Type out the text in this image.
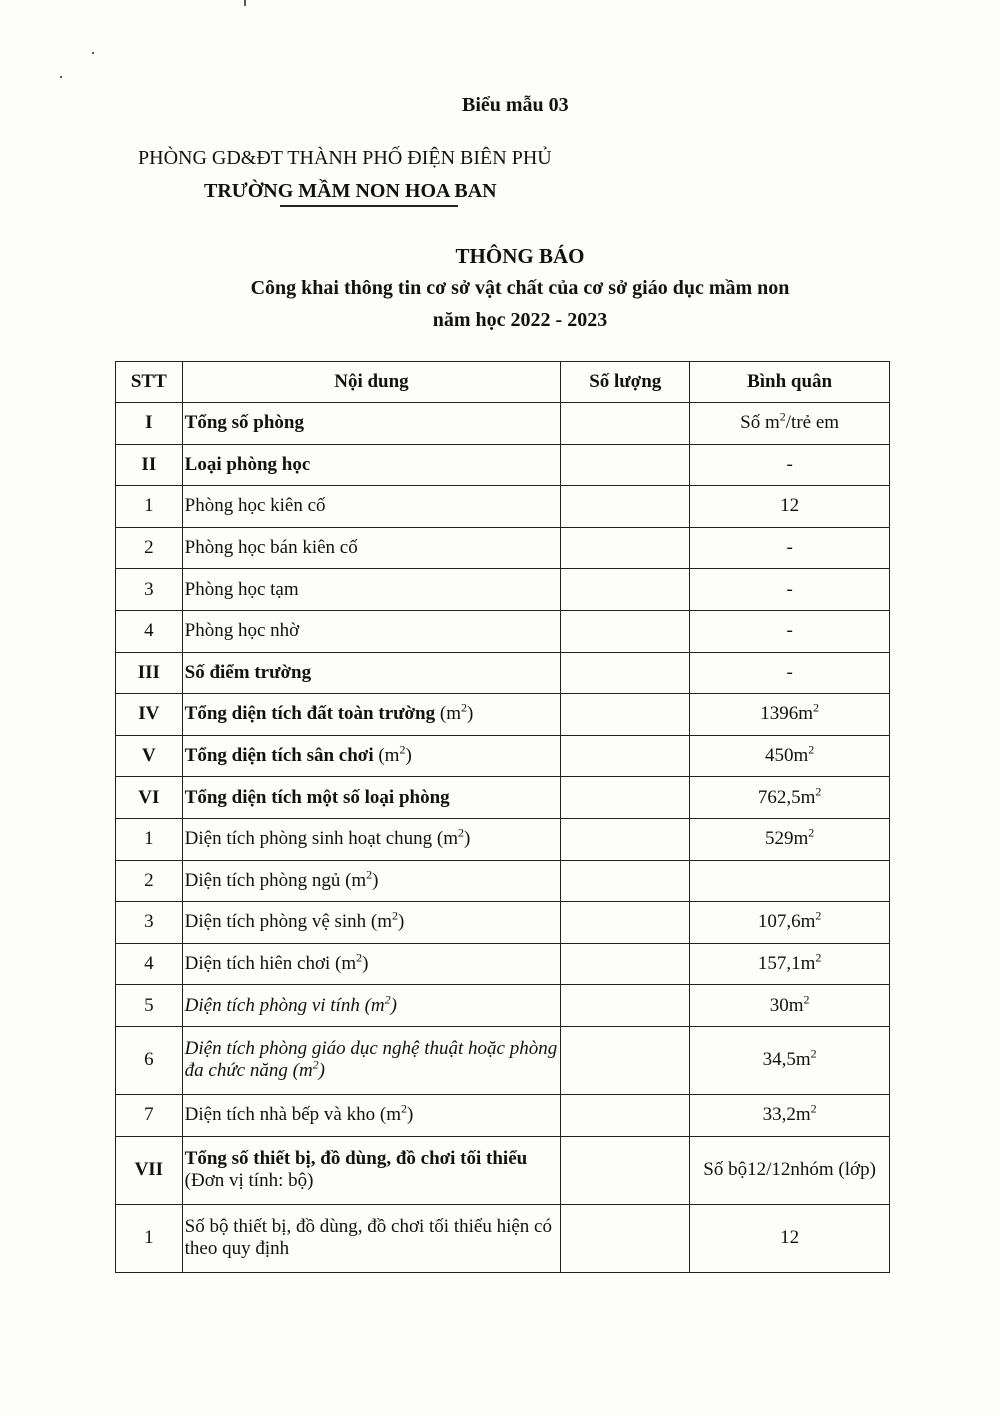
Biểu mẫu 03
PHÒNG GD&ĐT THÀNH PHỐ ĐIỆN BIÊN PHỦ
TRƯỜNG MẦM NON HOA BAN
THÔNG BÁO
Công khai thông tin cơ sở vật chất của cơ sở giáo dục mầm non
năm học 2022 - 2023
STT	Nội dung	Số lượng	Bình quân
I	Tổng số phòng		Số $m^2$/trẻ em
II	Loại phòng học		-
1	Phòng học kiên cố		12
2	Phòng học bán kiên cố		-
3	Phòng học tạm		-
4	Phòng học nhờ		-
III	Số điểm trường		-
IV	Tổng diện tích đất toàn trường $(m^2)$		$1396m^2$
V	Tổng diện tích sân chơi $(m^2)$		$450m^2$
VI	Tổng diện tích một số loại phòng		$762,5m^2$
1	Diện tích phòng sinh hoạt chung $(m^2)$		$529m^2$
2	Diện tích phòng ngủ $(m^2)$		
3	Diện tích phòng vệ $\sinh (m^2)$		$107,6m^2$
4	Diện tích hiên chơi $(m^2)$		$157,1m^2$
5	Diện tích phòng vi tính $(m^2)$		$30m^2$
6	Diện tích phòng giáo dục nghệ thuật hoặc phòng đa chức năng $(m^2)$		$34,5m^2$
7	Diện tích nhà bếp và kho $(m^2)$		$33,2m^2$
VII	Tổng số thiết bị, đồ dùng, đồ chơi tối thiểu (Đơn vị tính: bộ)		Số bộ12/12nhóm (lớp)
1	Số bộ thiết bị, đồ dùng, đồ chơi tối thiểu hiện có theo quy định		12
